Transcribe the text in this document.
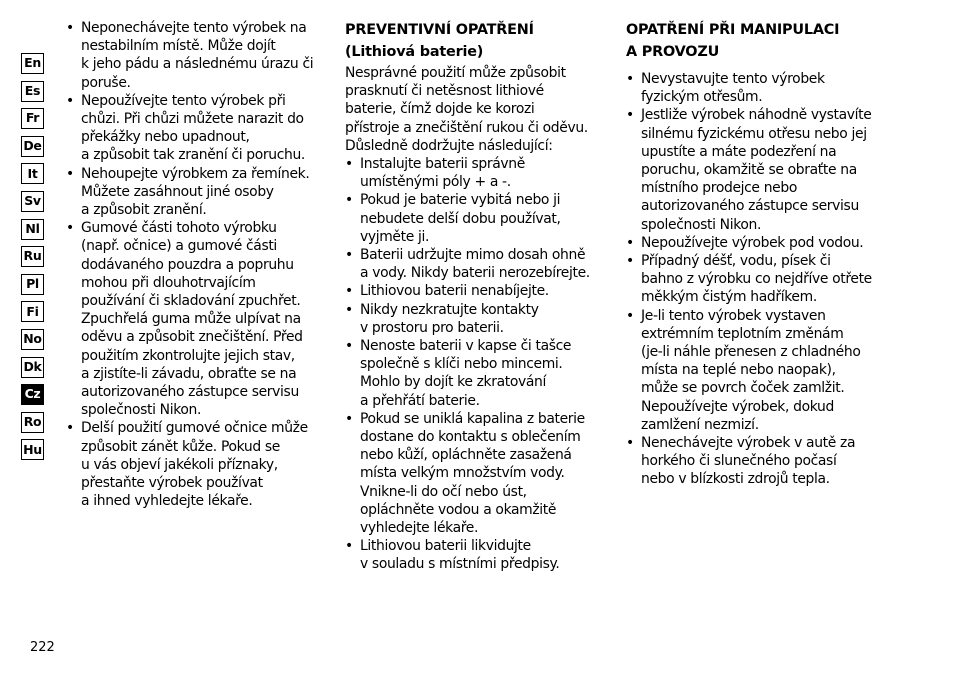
En
Es
Fr
De
It
Sv
Nl
Ru
Pl
Fi
No
Dk
Cz
Ro
Hu
• Neponechávejte tento výrobek na
nestabilním místě. Může dojít
k jeho pádu a následnému úrazu či
poruše.
• Nepoužívejte tento výrobek při
chůzi. Při chůzi můžete narazit do
překážky nebo upadnout,
a způsobit tak zranění či poruchu.
• Nehoupejte výrobkem za řemínek.
Můžete zasáhnout jiné osoby
a způsobit zranění.
• Gumové části tohoto výrobku
(např. očnice) a gumové části
dodávaného pouzdra a popruhu
mohou při dlouhotrvajícím
používání či skladování zpuchřet.
Zpuchřelá guma může ulpívat na
oděvu a způsobit znečištění. Před
použitím zkontrolujte jejich stav,
a zjistíte-li závadu, obraťte se na
autorizovaného zástupce servisu
společnosti Nikon.
• Delší použití gumové očnice může
způsobit zánět kůže. Pokud se
u vás objeví jakékoli příznaky,
přestaňte výrobek používat
a ihned vyhledejte lékaře.
PREVENTIVNÍ OPATŘENÍ
(Lithiová baterie)
Nesprávné použití může způsobit
prasknutí či netěsnost lithiové
baterie, čímž dojde ke korozi
přístroje a znečištění rukou či oděvu.
Důsledně dodržujte následující:
• Instalujte baterii správně
umístěnými póly + a -.
• Pokud je baterie vybitá nebo ji
nebudete delší dobu používat,
vyjměte ji.
• Baterii udržujte mimo dosah ohně
a vody. Nikdy baterii nerozebírejte.
• Lithiovou baterii nenabíjejte.
• Nikdy nezkratujte kontakty
v prostoru pro baterii.
• Nenoste baterii v kapse či tašce
společně s klíči nebo mincemi.
Mohlo by dojít ke zkratování
a přehřátí baterie.
• Pokud se uniklá kapalina z baterie
dostane do kontaktu s oblečením
nebo kůží, opláchněte zasažená
místa velkým množstvím vody.
Vnikne-li do očí nebo úst,
opláchněte vodou a okamžitě
vyhledejte lékaře.
• Lithiovou baterii likvidujte
v souladu s místními předpisy.
OPATŘENÍ PŘI MANIPULACI
A PROVOZU
• Nevystavujte tento výrobek
fyzickým otřesům.
• Jestliže výrobek náhodně vystavíte
silnému fyzickému otřesu nebo jej
upustíte a máte podezření na
poruchu, okamžitě se obraťte na
místního prodejce nebo
autorizovaného zástupce servisu
společnosti Nikon.
• Nepoužívejte výrobek pod vodou.
• Případný déšť, vodu, písek či
bahno z výrobku co nejdříve otřete
měkkým čistým hadříkem.
• Je-li tento výrobek vystaven
extrémním teplotním změnám
(je-li náhle přenesen z chladného
místa na teplé nebo naopak),
může se povrch čoček zamlžit.
Nepoužívejte výrobek, dokud
zamlžení nezmizí.
• Nenechávejte výrobek v autě za
horkého či slunečného počasí
nebo v blízkosti zdrojů tepla.
222
